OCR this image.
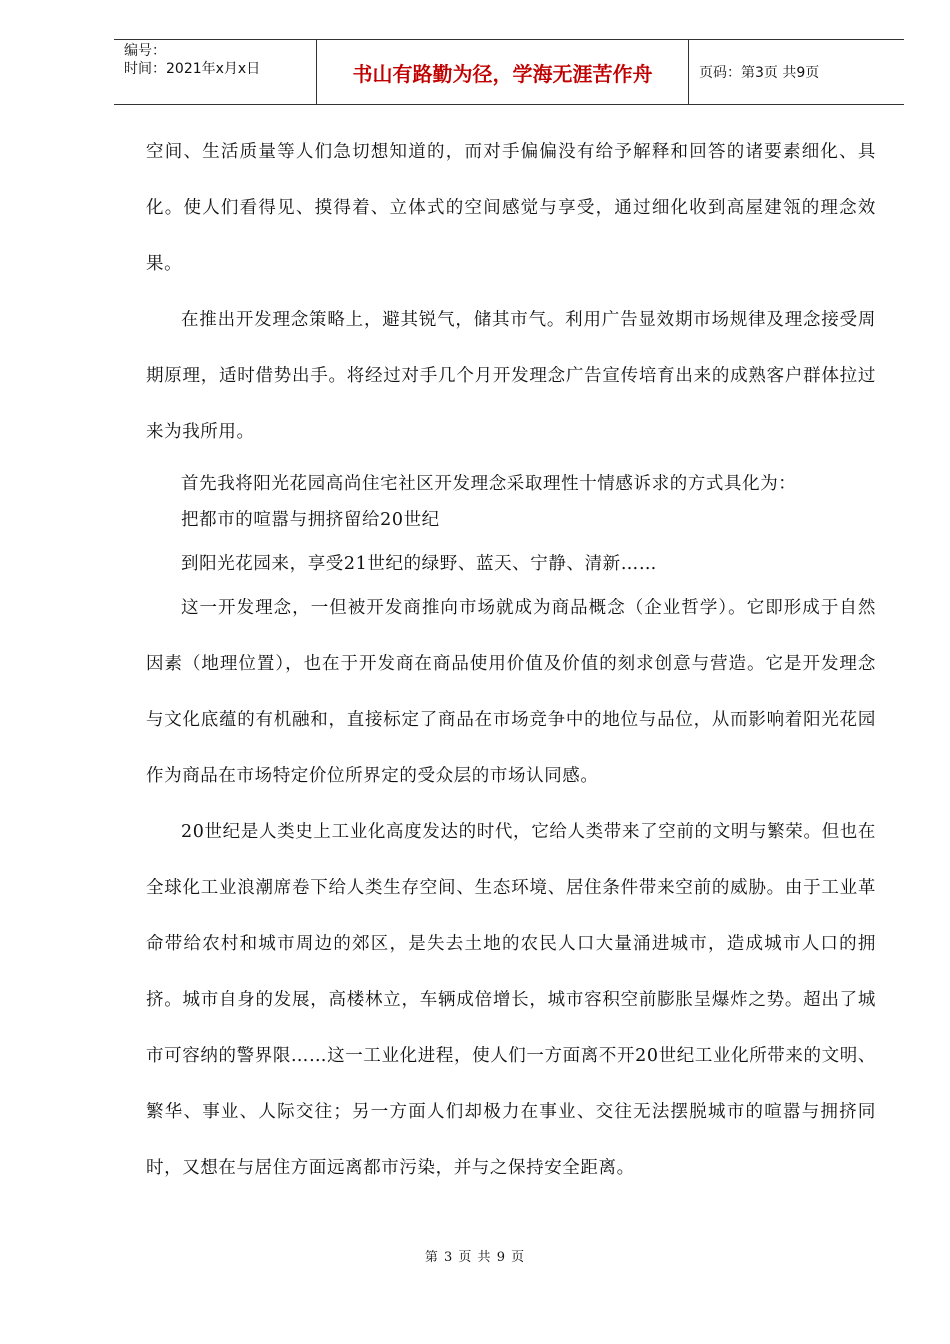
编号：
时间：2021年x月x日	书山有路勤为径，学海无涯苦作舟	页码：第3页 共9页

空间、生活质量等人们急切想知道的，而对手偏偏没有给予解释和回答的诸要素细化、具化。使人们看得见、摸得着、立体式的空间感觉与享受，通过细化收到高屋建瓴的理念效果。

在推出开发理念策略上，避其锐气，储其市气。利用广告显效期市场规律及理念接受周期原理，适时借势出手。将经过对手几个月开发理念广告宣传培育出来的成熟客户群体拉过来为我所用。

首先我将阳光花园高尚住宅社区开发理念采取理性十情感诉求的方式具化为：

把都市的喧嚣与拥挤留给20世纪

到阳光花园来，享受21世纪的绿野、蓝天、宁静、清新……

这一开发理念，一但被开发商推向市场就成为商品概念（企业哲学）。它即形成于自然因素（地理位置），也在于开发商在商品使用价值及价值的刻求创意与营造。它是开发理念与文化底蕴的有机融和，直接标定了商品在市场竞争中的地位与品位，从而影响着阳光花园作为商品在市场特定价位所界定的受众层的市场认同感。

20世纪是人类史上工业化高度发达的时代，它给人类带来了空前的文明与繁荣。但也在全球化工业浪潮席卷下给人类生存空间、生态环境、居住条件带来空前的威胁。由于工业革命带给农村和城市周边的郊区，是失去土地的农民人口大量涌进城市，造成城市人口的拥挤。城市自身的发展，高楼林立，车辆成倍增长，城市容积空前膨胀呈爆炸之势。超出了城市可容纳的警界限……这一工业化进程，使人们一方面离不开20世纪工业化所带来的文明、繁华、事业、人际交往；另一方面人们却极力在事业、交往无法摆脱城市的喧嚣与拥挤同时，又想在与居住方面远离都市污染，并与之保持安全距离。

第 3 页 共 9 页
